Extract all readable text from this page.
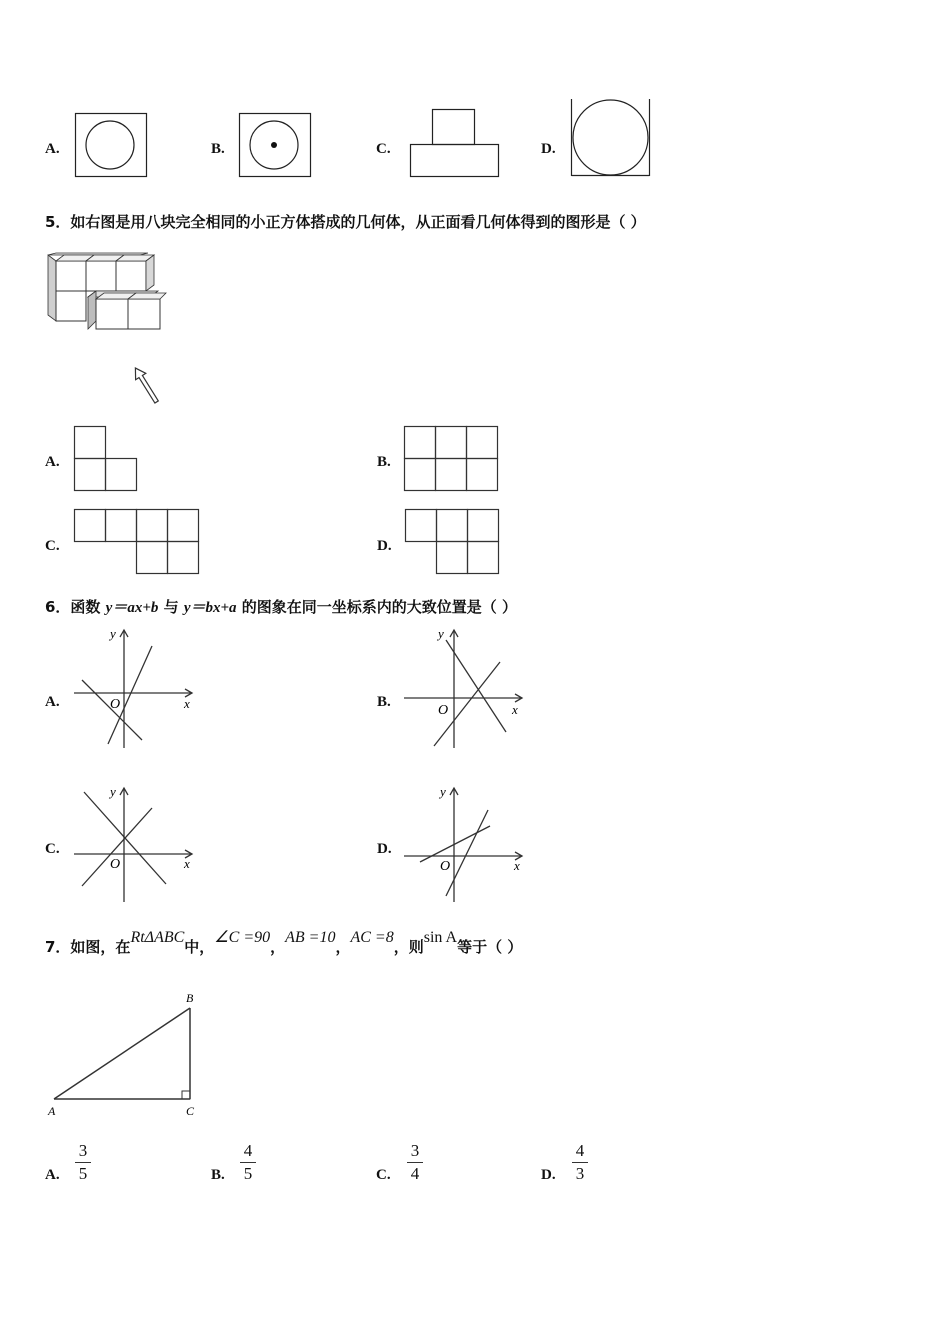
A.	B.	C.	D.
5．如右图是用八块完全相同的小正方体搭成的几何体，从正面看几何体得到的图形是（ ）
A.	B.
C.	D.
6．函数 y＝ax+b 与 y＝bx+a 的图象在同一坐标系内的大致位置是（ ）
A.
y
x
O	B.
y
x
O
C.
y
x
O
D.
y
x
O
7．如图，在RtΔABC中，∠C =90，AB =10，AC =8，则sin A等于（ ）
A
B
C
A.
3
5	B.
4
5	C.
3
4	D.
4
3
